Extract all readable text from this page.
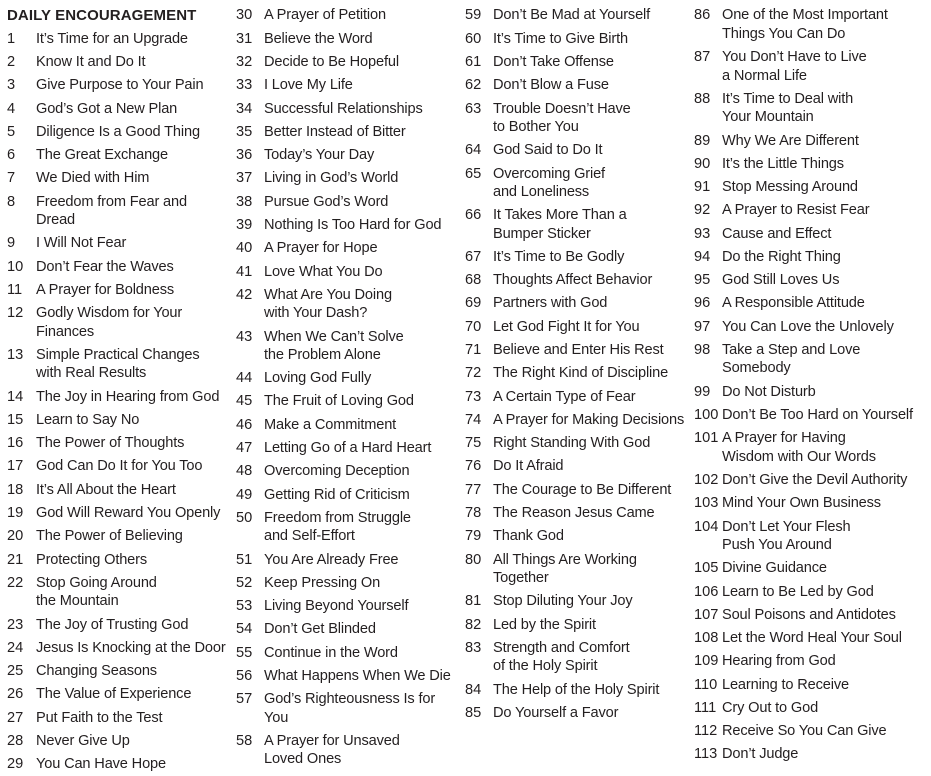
DAILY ENCOURAGEMENT
1	It’s Time for an Upgrade
2	Know It and Do It
3	Give Purpose to Your Pain
4	God’s Got a New Plan
5	Diligence Is a Good Thing
6	The Great Exchange
7	We Died with Him
8	Freedom from Fear and Dread
9	I Will Not Fear
10 Don’t Fear the Waves
11 A Prayer for Boldness
12 Godly Wisdom for Your Finances
13 Simple Practical Changes
with Real Results
14 The Joy in Hearing from God
15 Learn to Say No
16 The Power of Thoughts
17 God Can Do It for You Too
18 It’s All About the Heart
19 God Will Reward You Openly
20 The Power of Believing
21 Protecting Others
22 Stop Going Around
the Mountain
23 The Joy of Trusting God
24 Jesus Is Knocking at the Door
25 Changing Seasons
26 The Value of Experience
27 Put Faith to the Test
28 Never Give Up
29 You Can Have Hope
30 A Prayer of Petition
31 Believe the Word
32 Decide to Be Hopeful
33 I Love My Life
34 Successful Relationships
35 Better Instead of Bitter
36 Today’s Your Day
37 Living in God’s World
38 Pursue God’s Word
39 Nothing Is Too Hard for God
40 A Prayer for Hope
41 Love What You Do
42 What Are You Doing
with Your Dash?
43 When We Can’t Solve
the Problem Alone
44 Loving God Fully
45 The Fruit of Loving God
46 Make a Commitment
47 Letting Go of a Hard Heart
48 Overcoming Deception
49 Getting Rid of Criticism
50 Freedom from Struggle
and Self-Effort
51 You Are Already Free
52 Keep Pressing On
53 Living Beyond Yourself
54 Don’t Get Blinded
55 Continue in the Word
56 What Happens When We Die
57 God’s Righteousness Is for You
58 A Prayer for Unsaved
Loved Ones
59 Don’t Be Mad at Yourself
60 It’s Time to Give Birth
61 Don’t Take Offense
62 Don’t Blow a Fuse
63 Trouble Doesn’t Have
to Bother You
64 God Said to Do It
65 Overcoming Grief
and Loneliness
66 It Takes More Than a
Bumper Sticker
67 It’s Time to Be Godly
68 Thoughts Affect Behavior
69 Partners with God
70 Let God Fight It for You
71 Believe and Enter His Rest
72 The Right Kind of Discipline
73 A Certain Type of Fear
74 A Prayer for Making Decisions
75 Right Standing With God
76 Do It Afraid
77 The Courage to Be Different
78 The Reason Jesus Came
79 Thank God
80 All Things Are Working
Together
81 Stop Diluting Your Joy
82 Led by the Spirit
83 Strength and Comfort
of the Holy Spirit
84 The Help of the Holy Spirit
85 Do Yourself a Favor
86 One of the Most Important
Things You Can Do
87 You Don’t Have to Live
a Normal Life
88 It’s Time to Deal with
Your Mountain
89 Why We Are Different
90 It’s the Little Things
91 Stop Messing Around
92 A Prayer to Resist Fear
93 Cause and Effect
94 Do the Right Thing
95 God Still Loves Us
96 A Responsible Attitude
97 You Can Love the Unlovely
98 Take a Step and Love Somebody
99 Do Not Disturb
100 Don’t Be Too Hard on Yourself
101 A Prayer for Having
Wisdom with Our Words
102 Don’t Give the Devil Authority
103 Mind Your Own Business
104 Don’t Let Your Flesh
Push You Around
105 Divine Guidance
106 Learn to Be Led by God
107 Soul Poisons and Antidotes
108 Let the Word Heal Your Soul
109 Hearing from God
110 Learning to Receive
111 Cry Out to God
112 Receive So You Can Give
113 Don’t Judge
